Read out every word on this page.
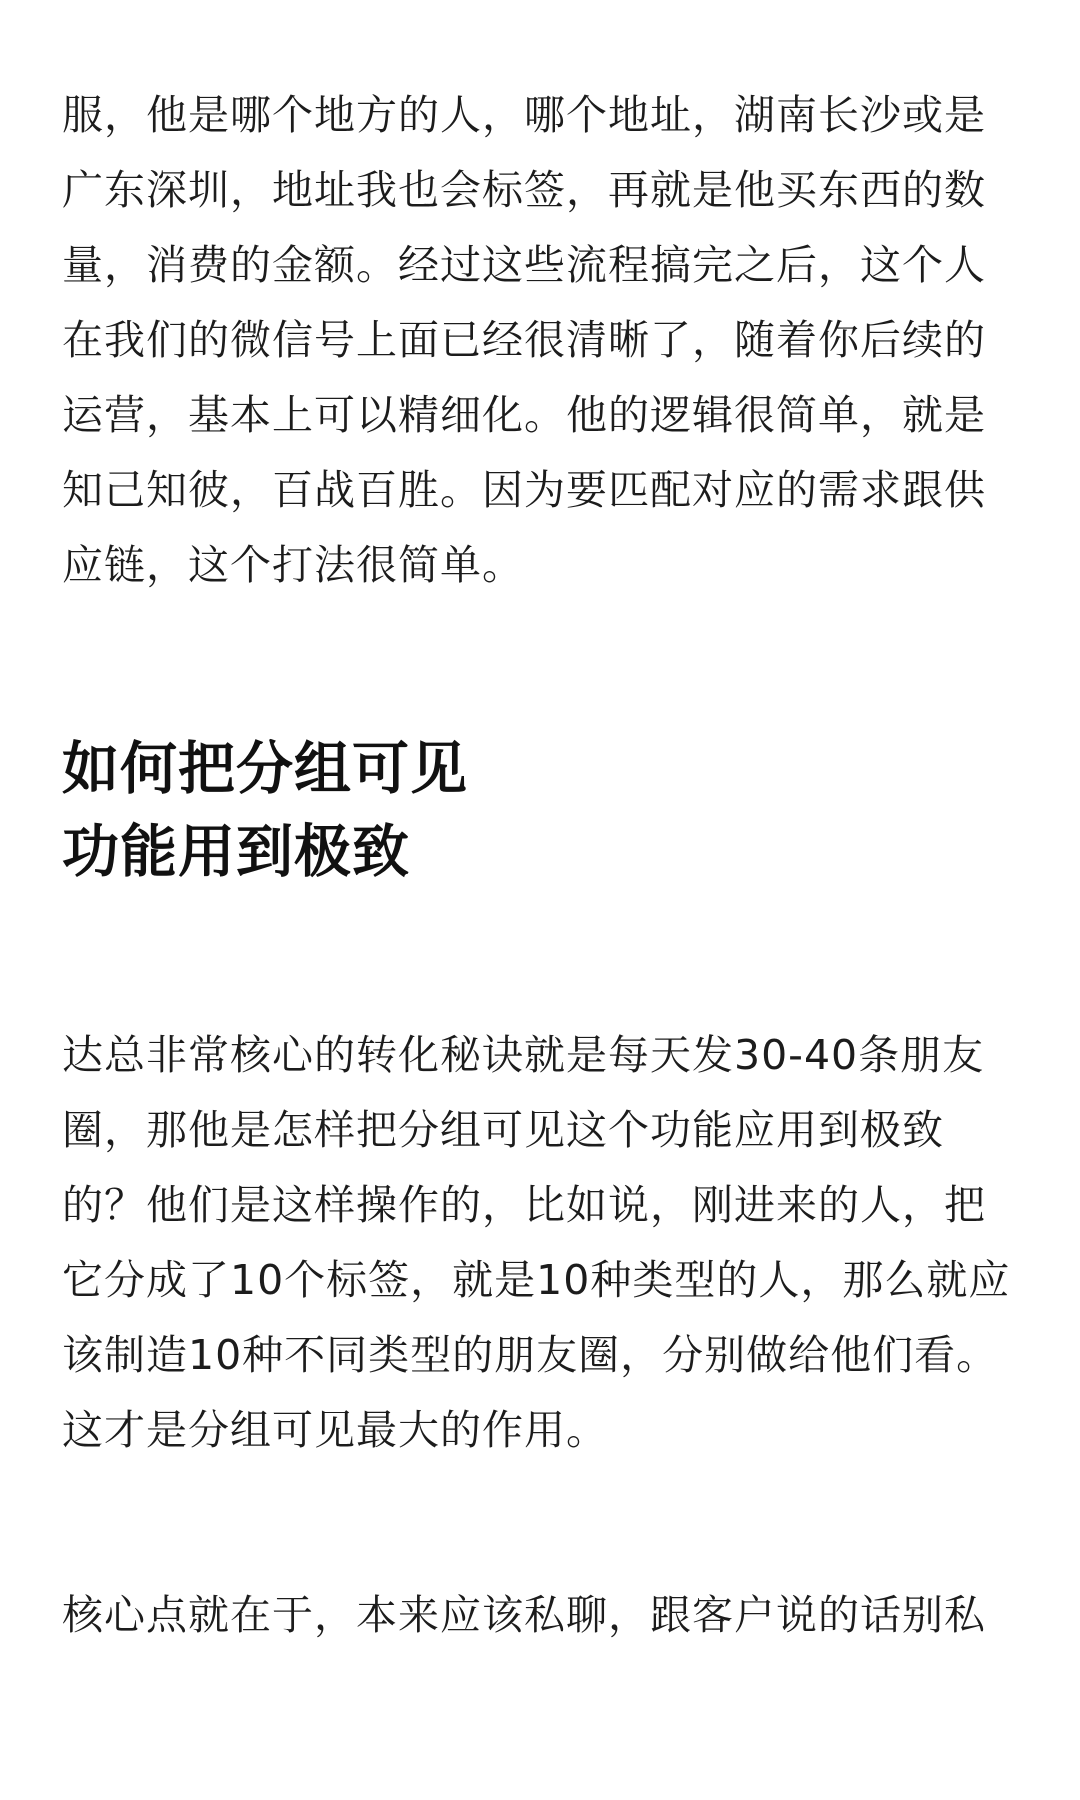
服，他是哪个地方的人，哪个地址，湖南长沙或是广东深圳，地址我也会标签，再就是他买东西的数量，消费的金额。经过这些流程搞完之后，这个人在我们的微信号上面已经很清晰了，随着你后续的运营，基本上可以精细化。他的逻辑很简单，就是知己知彼，百战百胜。因为要匹配对应的需求跟供应链，这个打法很简单。

如何把分组可见
功能用到极致

达总非常核心的转化秘诀就是每天发30-40条朋友圈，那他是怎样把分组可见这个功能应用到极致的？他们是这样操作的，比如说，刚进来的人，把它分成了10个标签，就是10种类型的人，那么就应该制造10种不同类型的朋友圈，分别做给他们看。这才是分组可见最大的作用。

核心点就在于，本来应该私聊，跟客户说的话别私
